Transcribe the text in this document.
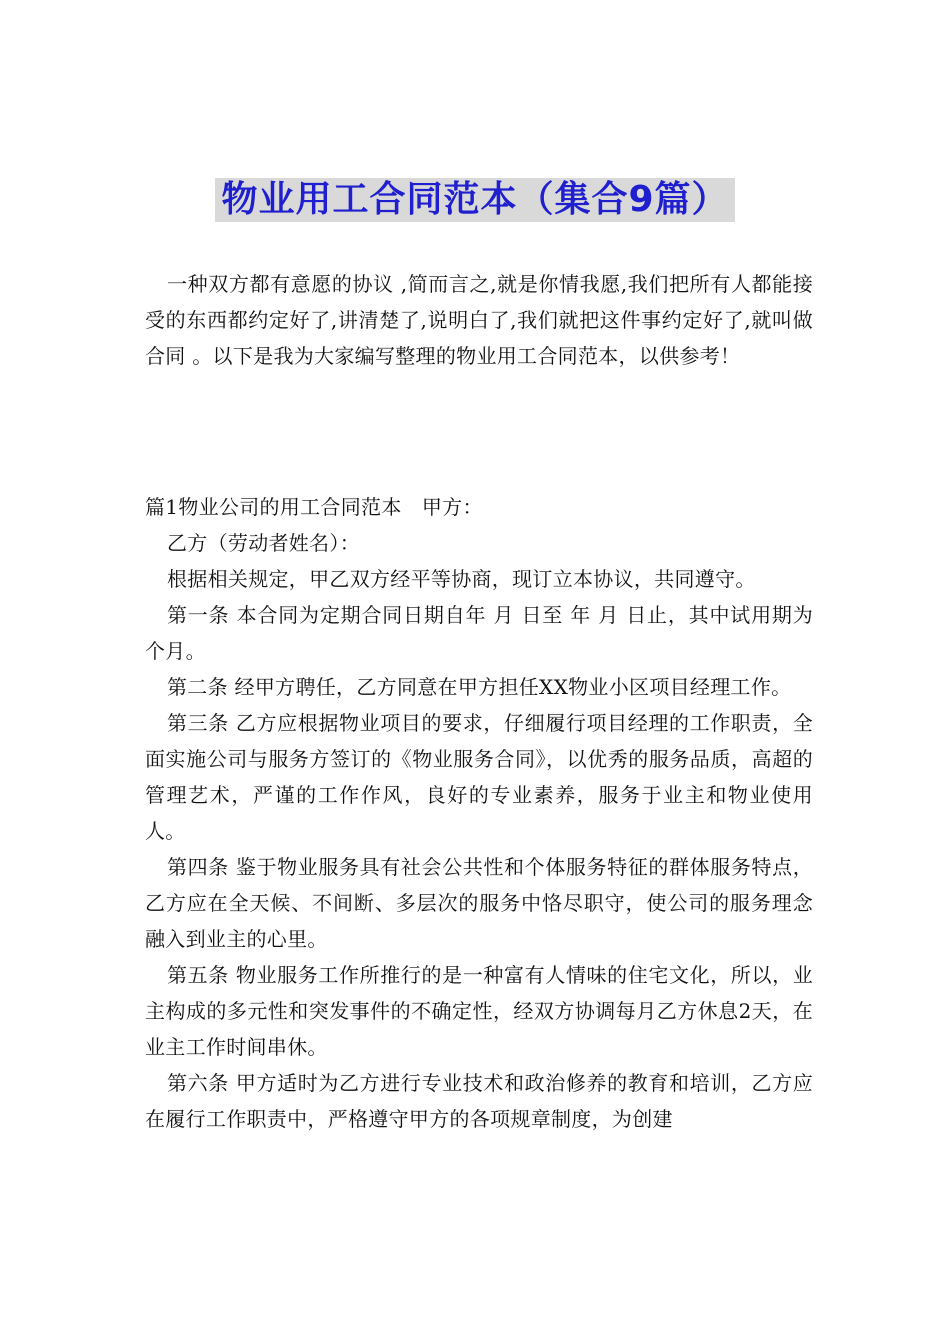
物业用工合同范本（集合9篇）

一种双方都有意愿的协议 ,简而言之,就是你情我愿,我们把所有人都能接受的东西都约定好了,讲清楚了,说明白了,我们就把这件事约定好了,就叫做合同 。以下是我为大家编写整理的物业用工合同范本，以供参考！

篇1物业公司的用工合同范本　甲方：

乙方（劳动者姓名）：

根据相关规定，甲乙双方经平等协商，现订立本协议，共同遵守。

第一条 本合同为定期合同日期自年 月 日至 年 月 日止，其中试用期为 个月。

第二条 经甲方聘任，乙方同意在甲方担任XX物业小区项目经理工作。

第三条 乙方应根据物业项目的要求，仔细履行项目经理的工作职责，全面实施公司与服务方签订的《物业服务合同》，以优秀的服务品质，高超的管理艺术，严谨的工作作风，良好的专业素养，服务于业主和物业使用人。

第四条 鉴于物业服务具有社会公共性和个体服务特征的群体服务特点，乙方应在全天候、不间断、多层次的服务中恪尽职守，使公司的服务理念融入到业主的心里。

第五条 物业服务工作所推行的是一种富有人情味的住宅文化，所以，业主构成的多元性和突发事件的不确定性，经双方协调每月乙方休息2天，在业主工作时间串休。

第六条 甲方适时为乙方进行专业技术和政治修养的教育和培训，乙方应在履行工作职责中，严格遵守甲方的各项规章制度，为创建
